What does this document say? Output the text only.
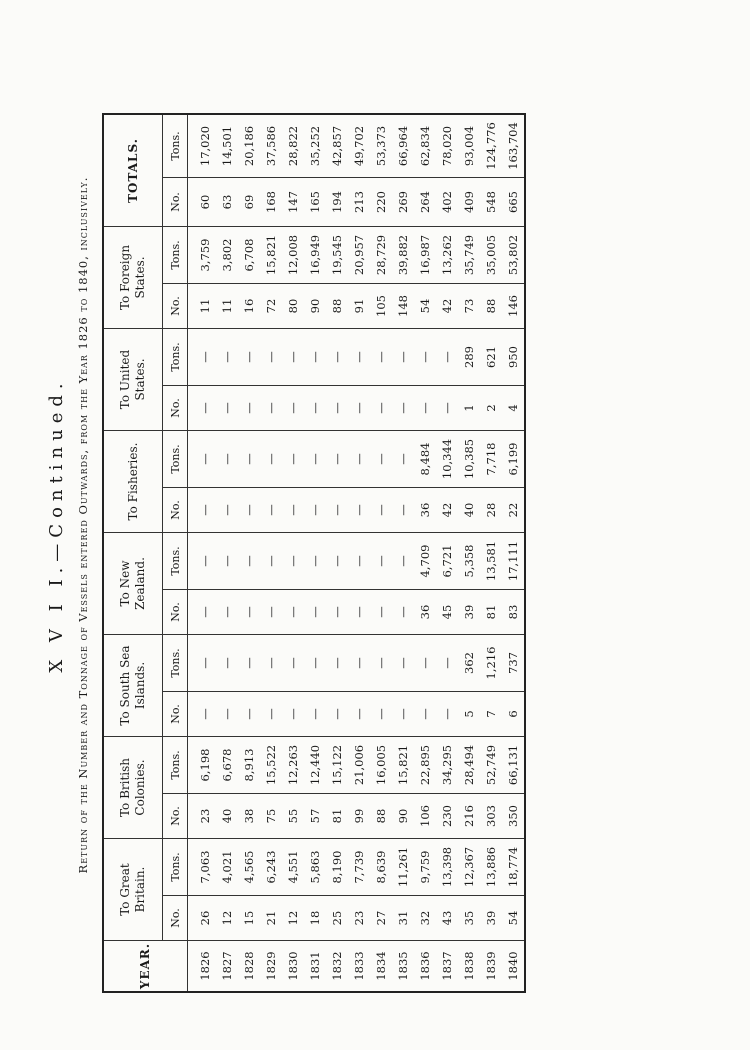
X V I I.—Continued. Return of the Number and Tonnage of Vessels entered Outwards, from the Year 1826 to 1840, inclusively.
YEAR.	To Great Britain.		To British Colonies.		To South Sea Islands.		To New Zealand.		To Fisheries.		To United States.		To Foreign States.		TOTALS.	
	No.	Tons.	No.	Tons.	No.	Tons.	No.	Tons.	No.	Tons.	No.	Tons.	No.	Tons.	No.	Tons.
1826	26	7,063	23	6,198	—	—	—	—	—	—	—	—	11	3,759	60	17,020
1827	12	4,021	40	6,678	—	—	—	—	—	—	—	—	11	3,802	63	14,501
1828	15	4,565	38	8,913	—	—	—	—	—	—	—	—	16	6,708	69	20,186
1829	21	6,243	75	15,522	—	—	—	—	—	—	—	—	72	15,821	168	37,586
1830	12	4,551	55	12,263	—	—	—	—	—	—	—	—	80	12,008	147	28,822
1831	18	5,863	57	12,440	—	—	—	—	—	—	—	—	90	16,949	165	35,252
1832	25	8,190	81	15,122	—	—	—	—	—	—	—	—	88	19,545	194	42,857
1833	23	7,739	99	21,006	—	—	—	—	—	—	—	—	91	20,957	213	49,702
1834	27	8,639	88	16,005	—	—	—	—	—	—	—	—	105	28,729	220	53,373
1835	31	11,261	90	15,821	—	—	—	—	—	—	—	—	148	39,882	269	66,964
1836	32	9,759	106	22,895	—	—	36	4,709	36	8,484	—	—	54	16,987	264	62,834
1837	43	13,398	230	34,295	—	—	45	6,721	42	10,344	—	—	42	13,262	402	78,020
1838	35	12,367	216	28,494	5	362	39	5,358	40	10,385	1	289	73	35,749	409	93,004
1839	39	13,886	303	52,749	7	1,216	81	13,581	28	7,718	2	621	88	35,005	548	124,776
1840	54	18,774	350	66,131	6	737	83	17,111	22	6,199	4	950	146	53,802	665	163,704
